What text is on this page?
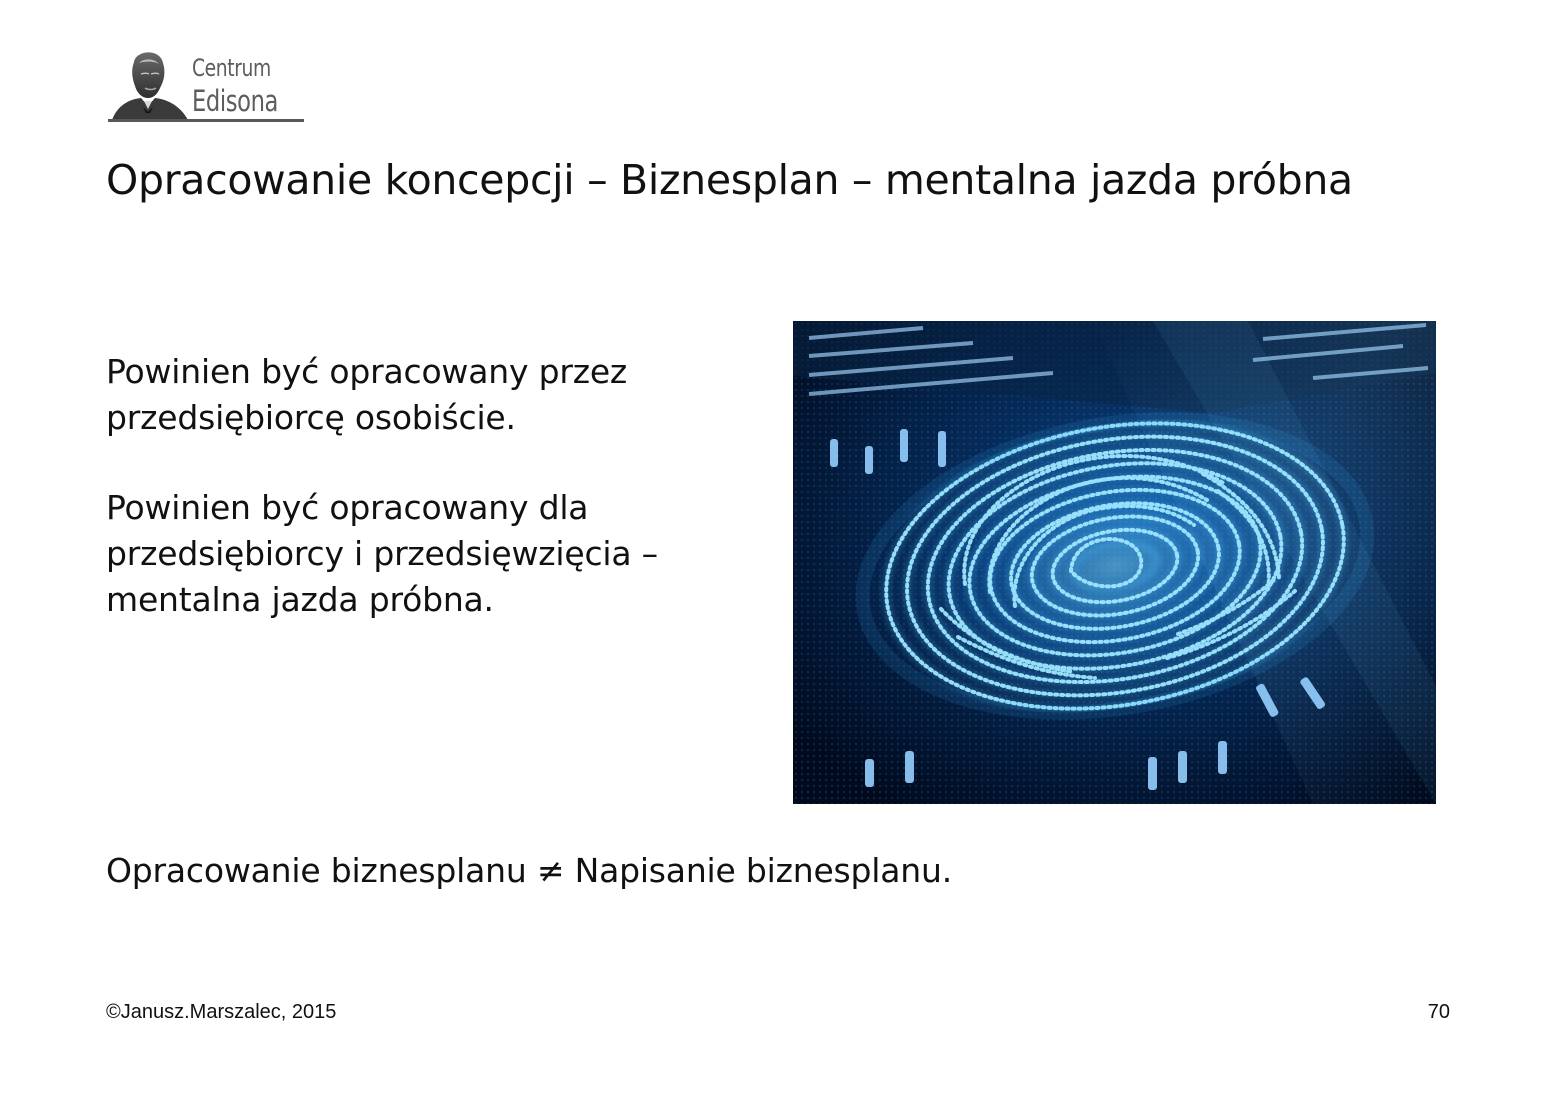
Centrum
Edisona
Opracowanie koncepcji – Biznesplan – mentalna jazda próbna

Powinien być opracowany przez przedsiębiorcę osobiście.

Powinien być opracowany dla przedsiębiorcy i przedsięwzięcia – mentalna jazda próbna.

Opracowanie biznesplanu ≠ Napisanie biznesplanu.

©Janusz.Marszalec, 2015	70
